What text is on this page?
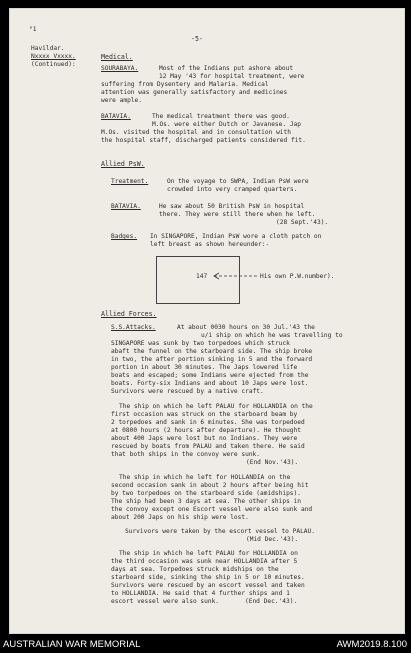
°1

-5-

Havildar.

Nxxxx Vxxxx.

(Continued):

Medical.

SOURABAYA.	Most of the Indians put ashore about

12 May '43 for hospital treatment, were

suffering from Dysentery and Malaria. Medical

attention was generally satisfactory and medicines

were ample.

BATAVIA.	The medical treatment there was good.

M.Os. were either Dutch or Javanese. Jap

M.Os. visited the hospital and in consultation with

the hospital staff, discharged patients considered fit.

Allied PsW.

Treatment.	On the voyage to SWPA, Indian PsW were

crowded into very cramped quarters.

BATAVIA.	He saw about 50 British PsW in hospital

there. They were still there when he left.

(28 Sept.'43).

Badges. In SINGAPORE, Indian PsW wore a cloth patch on

left breast as shown hereunder:-

147	His own P.W.number).

Allied Forces.

S.S.Attacks.	At about 0030 hours on 30 Jul.'43 the

u/i ship on which he was travelling to

SINGAPORE was sunk by two torpedoes which struck

abaft the funnel on the starboard side. The ship broke

in two, the after portion sinking in 5 and the forward

portion in about 30 minutes. The Japs lowered life

boats and escaped; some Indians were ejected from the

boats. Forty-six Indians and about 10 Japs were lost.

Survivors were rescued by a native craft.

The ship on which he left PALAU for HOLLANDIA on the

first occasion was struck on the starboard beam by

2 torpedoes and sank in 6 minutes. She was torpedoed

at 0800 hours (2 hours after departure). He thought

about 400 Japs were lost but no Indians. They were

rescued by boats from PALAU and taken there. He said

that both ships in the convoy were sunk.

(End Nov.'43).

The ship in which he left for HOLLANDIA on the

second occasion sank in about 2 hours after being hit

by two torpedoes on the starboard side (amidships).

The ship had been 3 days at sea. The other ships in

the convoy except one Escort vessel were also sunk and

about 200 Japs on his ship were lost.

Survivors were taken by the escort vessel to PALAU.

(Mid Dec.'43).

The ship in which he left PALAU for HOLLANDIA on

the third occasion was sunk near HOLLANDIA after 5

days at sea. Torpedoes struck midships on the

starboard side, sinking the ship in 5 or 10 minutes.

Survivors were rescued by an escort vessel and taken

to HOLLANDIA. He said that 4 further ships and 1

escort vessel were also sunk.	(End Dec.'43).

AUSTRALIAN WAR MEMORIAL	AWM2019.8.100
